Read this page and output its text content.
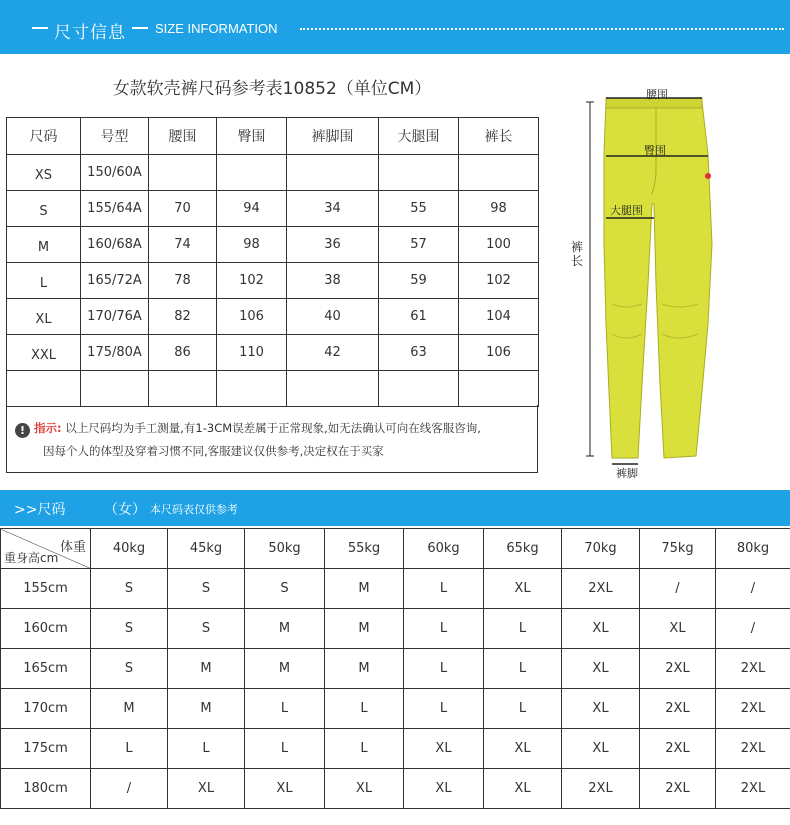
尺寸信息 SIZE INFORMATION
女款软壳裤尺码参考表10852（单位CM）
尺码	号型	腰围	臀围	裤脚围	大腿围	裤长
XS	150/60A					
S	155/64A	70	94	34	55	98
M	160/68A	74	98	36	57	100
L	165/72A	78	102	38	59	102
XL	170/76A	82	106	40	61	104
XXL	175/80A	86	110	42	63	106

! 指示: 以上尺码均为手工测量,有1-3CM误差属于正常现象,如无法确认可向在线客服咨询,
因每个人的体型及穿着习惯不同,客服建议仅供参考,决定权在于买家
腰围
臀围
大腿围
裤
长
裤脚
>>尺码	（女） 本尺码表仅供参考
体重
重身高cm	40kg	45kg	50kg	55kg	60kg	65kg	70kg	75kg	80kg
155cm	S	S	S	M	L	XL	2XL	/	/
160cm	S	S	M	M	L	L	XL	XL	/
165cm	S	M	M	M	L	L	XL	2XL	2XL
170cm	M	M	L	L	L	L	XL	2XL	2XL
175cm	L	L	L	L	XL	XL	XL	2XL	2XL
180cm	/	XL	XL	XL	XL	XL	2XL	2XL	2XL
